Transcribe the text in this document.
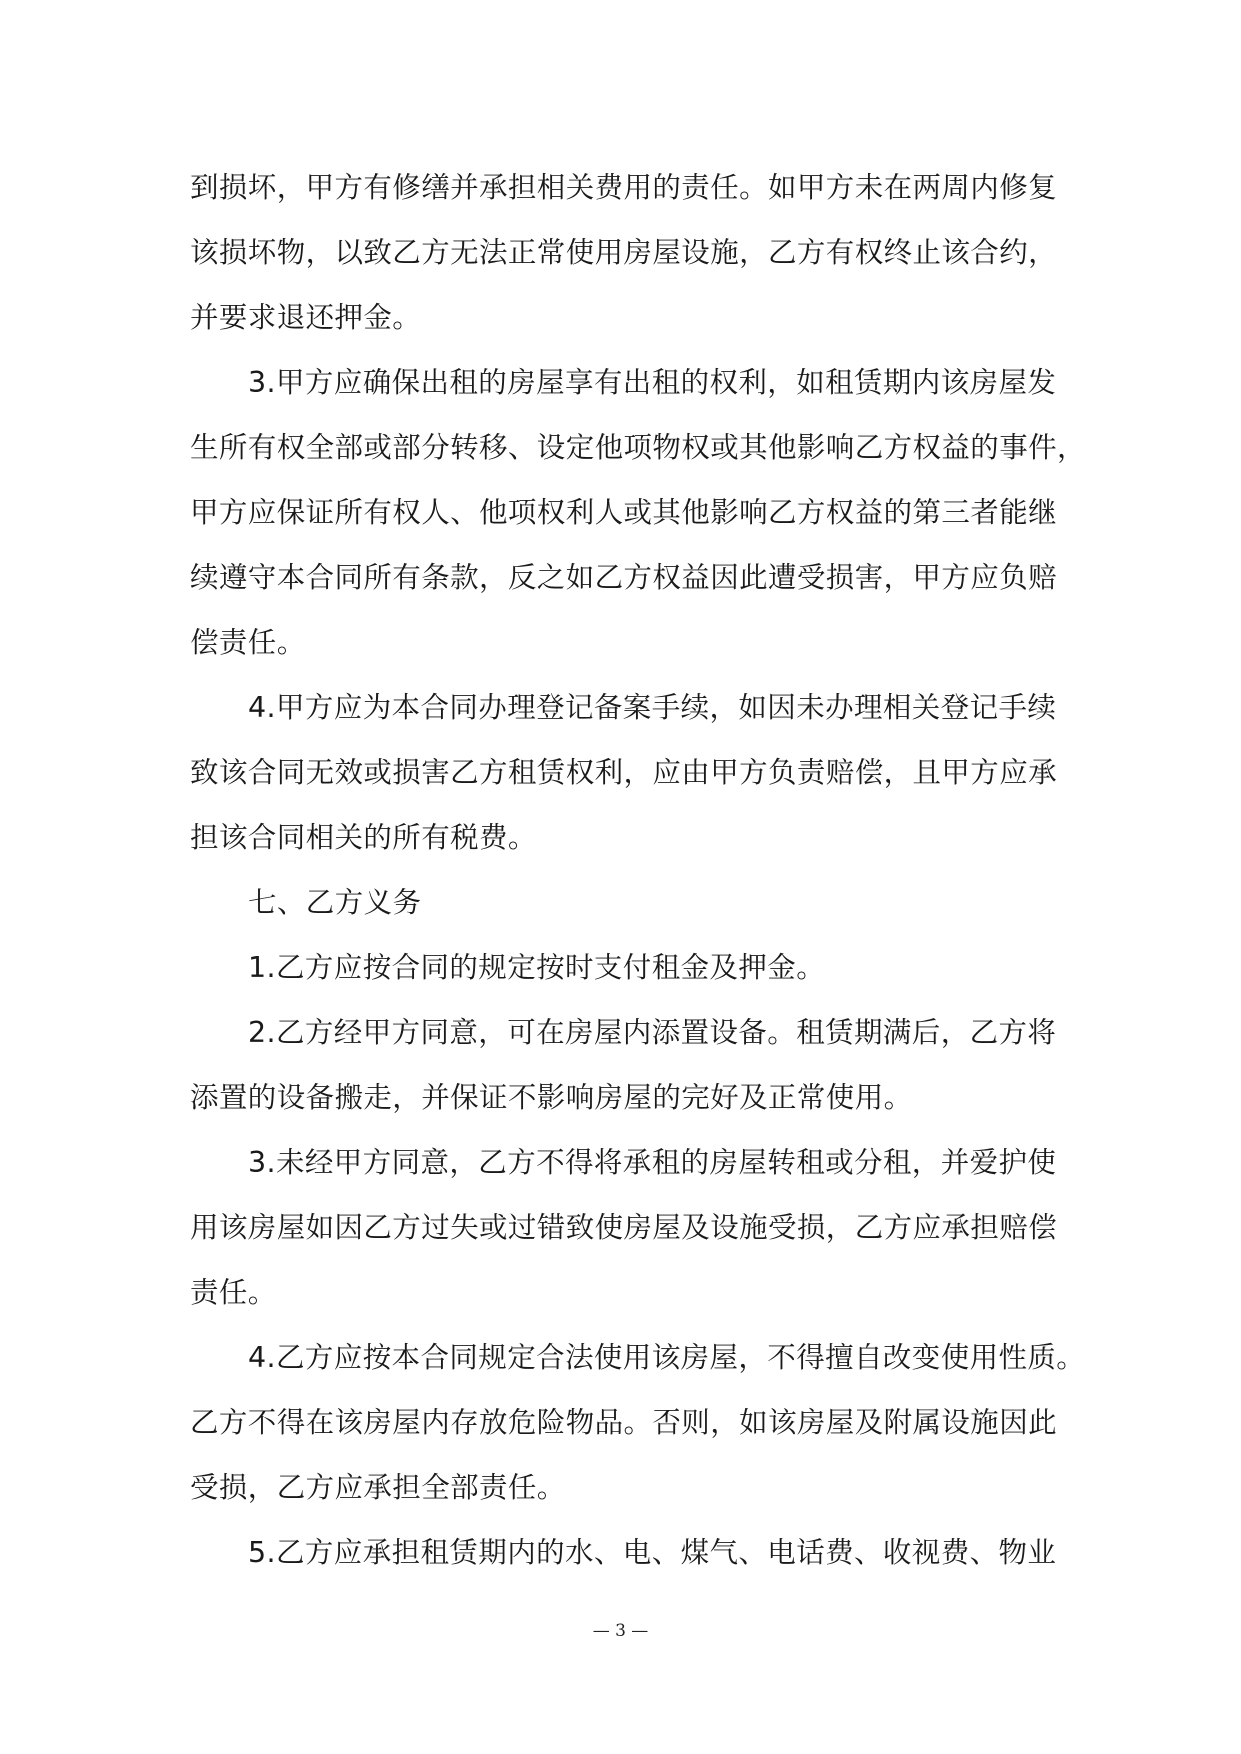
到损坏，甲方有修缮并承担相关费用的责任。如甲方未在两周内修复
该损坏物，以致乙方无法正常使用房屋设施，乙方有权终止该合约，
并要求退还押金。
3.甲方应确保出租的房屋享有出租的权利，如租赁期内该房屋发
生所有权全部或部分转移、设定他项物权或其他影响乙方权益的事件，
甲方应保证所有权人、他项权利人或其他影响乙方权益的第三者能继
续遵守本合同所有条款，反之如乙方权益因此遭受损害，甲方应负赔
偿责任。
4.甲方应为本合同办理登记备案手续，如因未办理相关登记手续
致该合同无效或损害乙方租赁权利，应由甲方负责赔偿，且甲方应承
担该合同相关的所有税费。
七、乙方义务
1.乙方应按合同的规定按时支付租金及押金。
2.乙方经甲方同意，可在房屋内添置设备。租赁期满后，乙方将
添置的设备搬走，并保证不影响房屋的完好及正常使用。
3.未经甲方同意，乙方不得将承租的房屋转租或分租，并爱护使
用该房屋如因乙方过失或过错致使房屋及设施受损，乙方应承担赔偿
责任。
4.乙方应按本合同规定合法使用该房屋，不得擅自改变使用性质。
乙方不得在该房屋内存放危险物品。否则，如该房屋及附属设施因此
受损，乙方应承担全部责任。
5.乙方应承担租赁期内的水、电、煤气、电话费、收视费、物业
— 3 —
